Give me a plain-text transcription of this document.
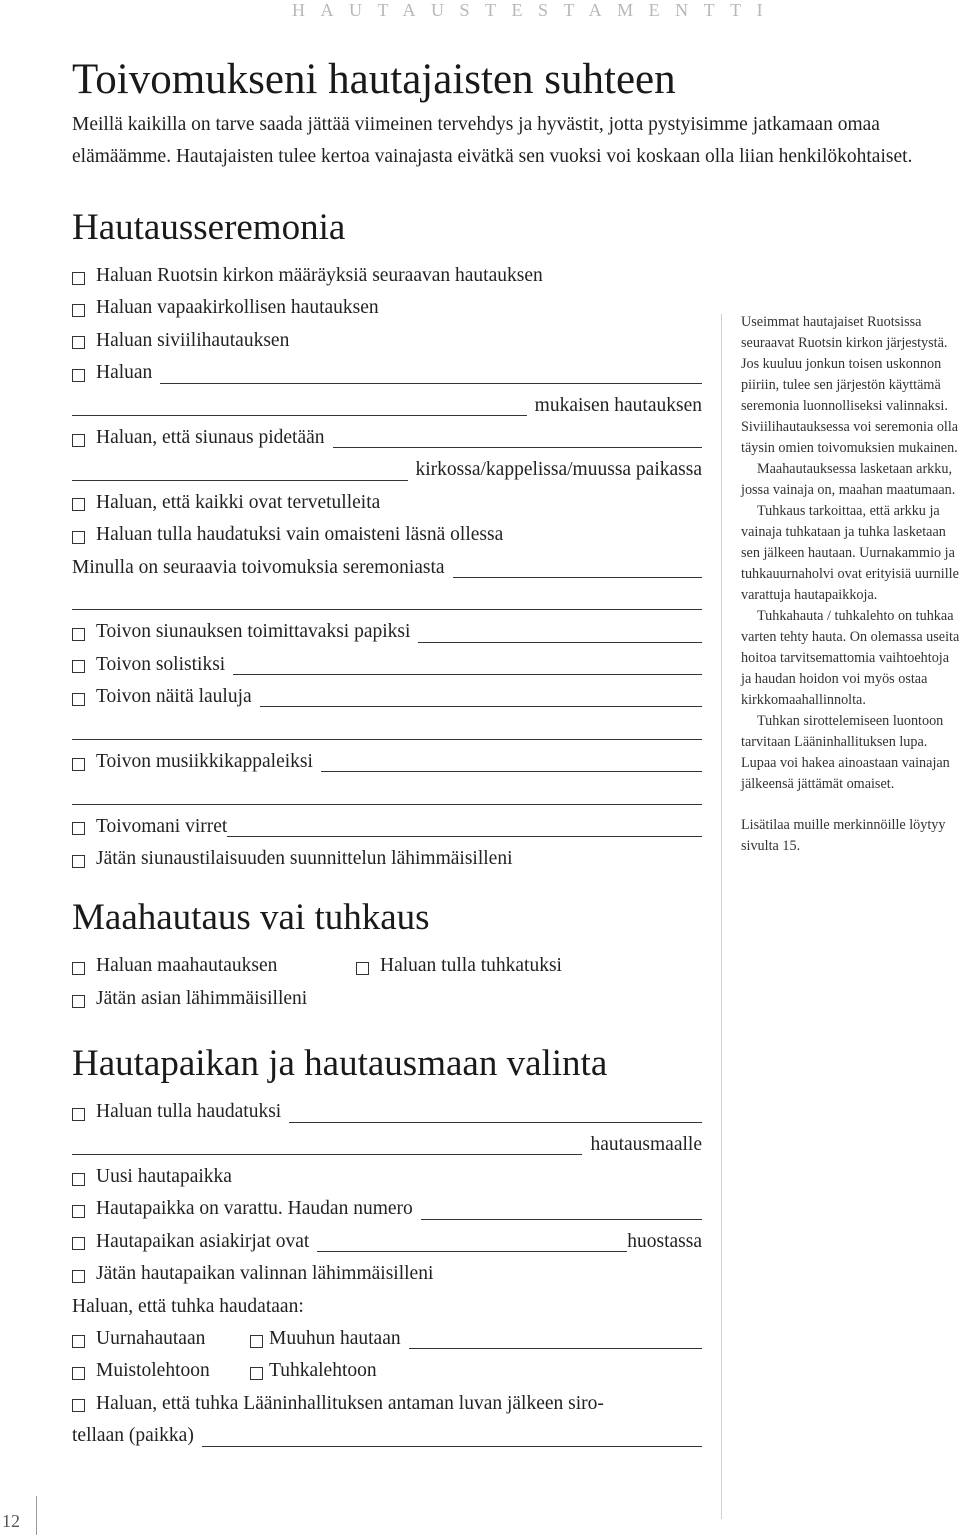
HAUTAUSTESTAMENTTI
Toivomukseni hautajaisten suhteen

Meillä kaikilla on tarve saada jättää viimeinen tervehdys ja hyvästit, jotta pystyisimme jatkamaan omaa elämäämme. Hautajaisten tulee kertoa vainajasta eivätkä sen vuoksi voi koskaan olla liian henkilökohtaiset.

Hautausseremonia
Haluan Ruotsin kirkon määräyksiä seuraavan hautauksen
Haluan vapaakirkollisen hautauksen
Haluan siviilihautauksen
Haluan
mukaisen hautauksen
Haluan, että siunaus pidetään
kirkossa/kappelissa/muussa paikassa
Haluan, että kaikki ovat tervetulleita
Haluan tulla haudatuksi vain omaisteni läsnä ollessa
Minulla on seuraavia toivomuksia seremoniasta
Toivon siunauksen toimittavaksi papiksi
Toivon solistiksi
Toivon näitä lauluja
Toivon musiikkikappaleiksi
Toivomani virret
Jätän siunaustilaisuuden suunnittelun lähimmäisilleni
Maahautaus vai tuhkaus
Haluan maahautauksen	Haluan tulla tuhkatuksi
Jätän asian lähimmäisilleni
Hautapaikan ja hautausmaan valinta
Haluan tulla haudatuksi
hautausmaalle
Uusi hautapaikka
Hautapaikka on varattu. Haudan numero
Hautapaikan asiakirjat ovat	huostassa
Jätän hautapaikan valinnan lähimmäisilleni
Haluan, että tuhka haudataan:
Uurnahautaan	Muuhun hautaan
Muistolehtoon	Tuhkalehtoon
Haluan, että tuhka Lääninhallituksen antaman luvan jälkeen siro-
tellaan (paikka)

Useimmat hautajaiset Ruotsissa seuraavat Ruotsin kirkon järjestystä. Jos kuuluu jonkun toisen uskonnon piiriin, tulee sen järjestön käyttämä seremonia luonnolliseksi valinnaksi. Siviilihautauksessa voi seremonia olla täysin omien toivomuksien mukainen.

Maahautauksessa lasketaan arkku, jossa vainaja on, maahan maatumaan.

Tuhkaus tarkoittaa, että arkku ja vainaja tuhkataan ja tuhka lasketaan sen jälkeen hautaan. Uurnakammio ja tuhkauurnaholvi ovat erityisiä uurnille varattuja hautapaikkoja.

Tuhkahauta / tuhkalehto on tuhkaa varten tehty hauta. On olemassa useita hoitoa tarvitsemattomia vaihtoehtoja ja haudan hoidon voi myös ostaa kirkkomaahallinnolta.

Tuhkan sirottelemiseen luontoon tarvitaan Lääninhallituksen lupa. Lupaa voi hakea ainoastaan vainajan jälkeensä jättämät omaiset.

Lisätilaa muille merkinnöille löytyy sivulta 15.

12
